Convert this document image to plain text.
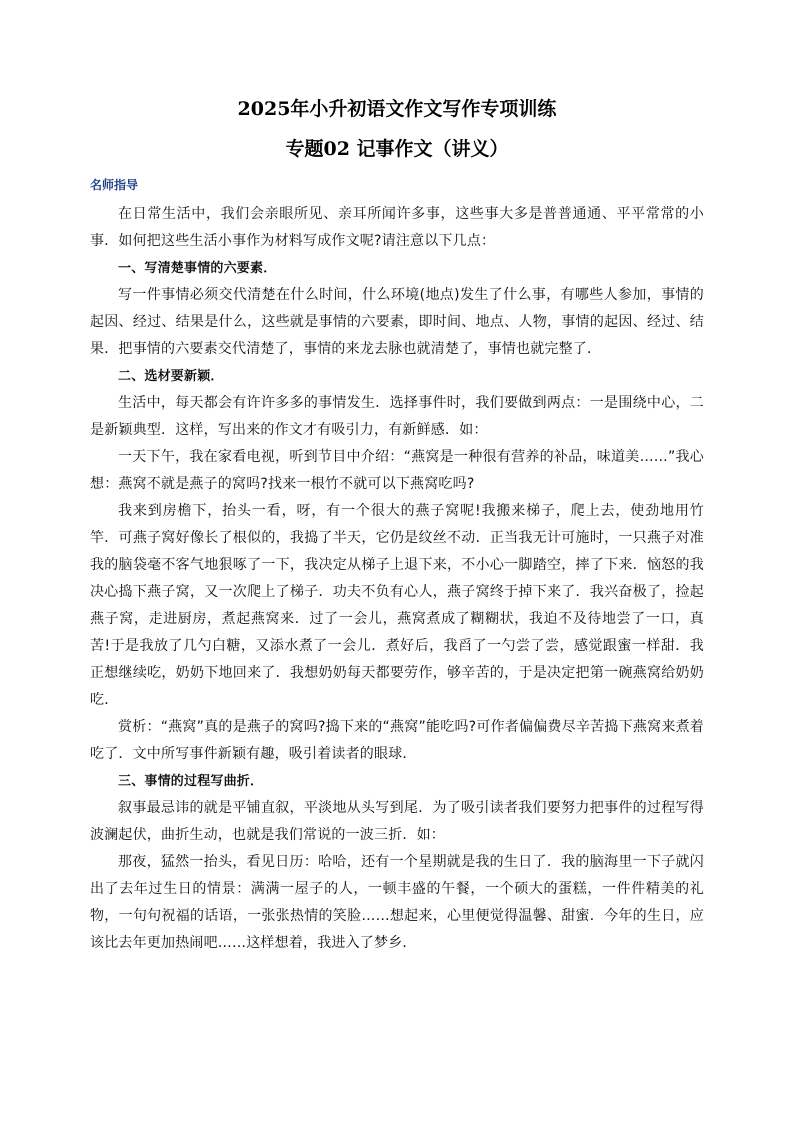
2025年小升初语文作文写作专项训练
专题02 记事作文（讲义）
名师指导

在日常生活中，我们会亲眼所见、亲耳所闻许多事，这些事大多是普普通通、平平常常的小事．如何把这些生活小事作为材料写成作文呢?请注意以下几点：

一、写清楚事情的六要素．

写一件事情必须交代清楚在什么时间，什么环境(地点)发生了什么事，有哪些人参加，事情的起因、经过、结果是什么，这些就是事情的六要素，即时间、地点、人物，事情的起因、经过、结果．把事情的六要素交代清楚了，事情的来龙去脉也就清楚了，事情也就完整了．

二、选材要新颖．

生活中，每天都会有许许多多的事情发生．选择事件时，我们要做到两点：一是围绕中心，二是新颖典型．这样，写出来的作文才有吸引力，有新鲜感．如：

一天下午，我在家看电视，听到节目中介绍：“燕窝是一种很有营养的补品，味道美……”我心想：燕窝不就是燕子的窝吗?找来一根竹不就可以下燕窝吃吗?

我来到房檐下，抬头一看，呀，有一个很大的燕子窝呢!我搬来梯子，爬上去，使劲地用竹竿．可燕子窝好像长了根似的，我捣了半天，它仍是纹丝不动．正当我无计可施时，一只燕子对准我的脑袋毫不客气地狠啄了一下，我决定从梯子上退下来，不小心一脚踏空，摔了下来．恼怒的我决心捣下燕子窝，又一次爬上了梯子．功夫不负有心人，燕子窝终于掉下来了．我兴奋极了，捡起燕子窝，走进厨房，煮起燕窝来．过了一会儿，燕窝煮成了糊糊状，我迫不及待地尝了一口，真苦!于是我放了几勺白糖，又添水煮了一会儿．煮好后，我舀了一勺尝了尝，感觉跟蜜一样甜．我正想继续吃，奶奶下地回来了．我想奶奶每天都要劳作，够辛苦的，于是决定把第一碗燕窝给奶奶吃．

赏析：“燕窝”真的是燕子的窝吗?捣下来的“燕窝”能吃吗?可作者偏偏费尽辛苦捣下燕窝来煮着吃了．文中所写事件新颖有趣，吸引着读者的眼球．

三、事情的过程写曲折．

叙事最忌讳的就是平铺直叙，平淡地从头写到尾．为了吸引读者我们要努力把事件的过程写得波澜起伏，曲折生动，也就是我们常说的一波三折．如：

那夜，猛然一抬头，看见日历：哈哈，还有一个星期就是我的生日了．我的脑海里一下子就闪出了去年过生日的情景：满满一屋子的人，一顿丰盛的午餐，一个硕大的蛋糕，一件件精美的礼物，一句句祝福的话语，一张张热情的笑脸……想起来，心里便觉得温馨、甜蜜．今年的生日，应该比去年更加热闹吧……这样想着，我进入了梦乡．
